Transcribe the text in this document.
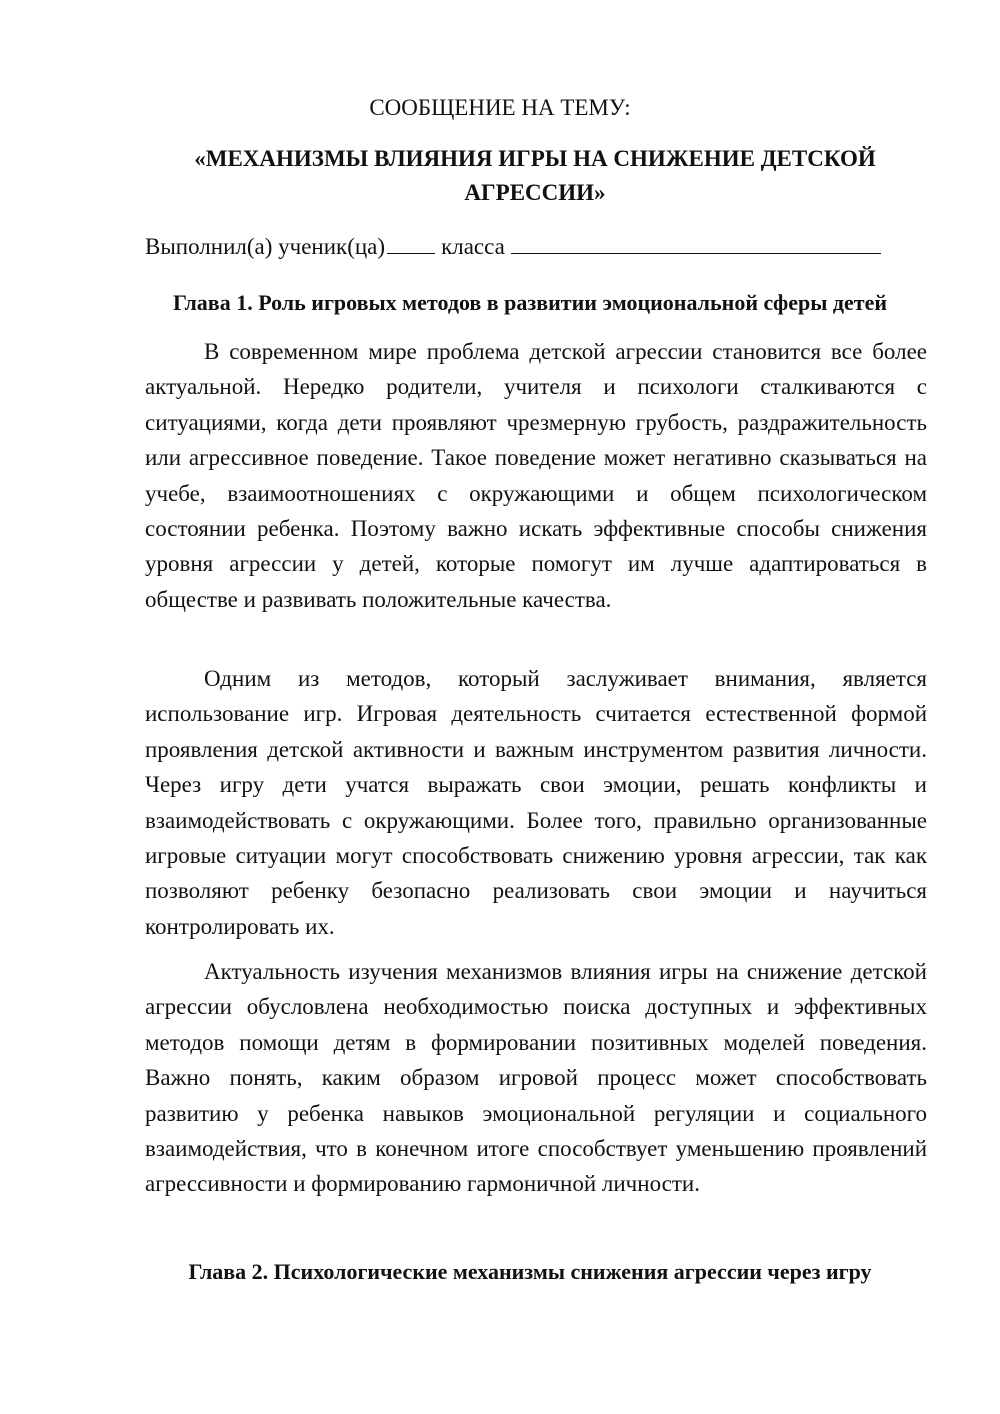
СООБЩЕНИЕ НА ТЕМУ:

«МЕХАНИЗМЫ ВЛИЯНИЯ ИГРЫ НА СНИЖЕНИЕ ДЕТСКОЙ АГРЕССИИ»

Выполнил(а) ученик(ца) класса
Глава 1. Роль игровых методов в развитии эмоциональной сферы детей

В современном мире проблема детской агрессии становится все более актуальной. Нередко родители, учителя и психологи сталкиваются с ситуациями, когда дети проявляют чрезмерную грубость, раздражительность или агрессивное поведение. Такое поведение может негативно сказываться на учебе, взаимоотношениях с окружающими и общем психологическом состоянии ребенка. Поэтому важно искать эффективные способы снижения уровня агрессии у детей, которые помогут им лучше адаптироваться в обществе и развивать положительные качества.

Одним из методов, который заслуживает внимания, является использование игр. Игровая деятельность считается естественной формой проявления детской активности и важным инструментом развития личности. Через игру дети учатся выражать свои эмоции, решать конфликты и взаимодействовать с окружающими. Более того, правильно организованные игровые ситуации могут способствовать снижению уровня агрессии, так как позволяют ребенку безопасно реализовать свои эмоции и научиться контролировать их.

Актуальность изучения механизмов влияния игры на снижение детской агрессии обусловлена необходимостью поиска доступных и эффективных методов помощи детям в формировании позитивных моделей поведения. Важно понять, каким образом игровой процесс может способствовать развитию у ребенка навыков эмоциональной регуляции и социального взаимодействия, что в конечном итоге способствует уменьшению проявлений агрессивности и формированию гармоничной личности.

Глава 2. Психологические механизмы снижения агрессии через игру
